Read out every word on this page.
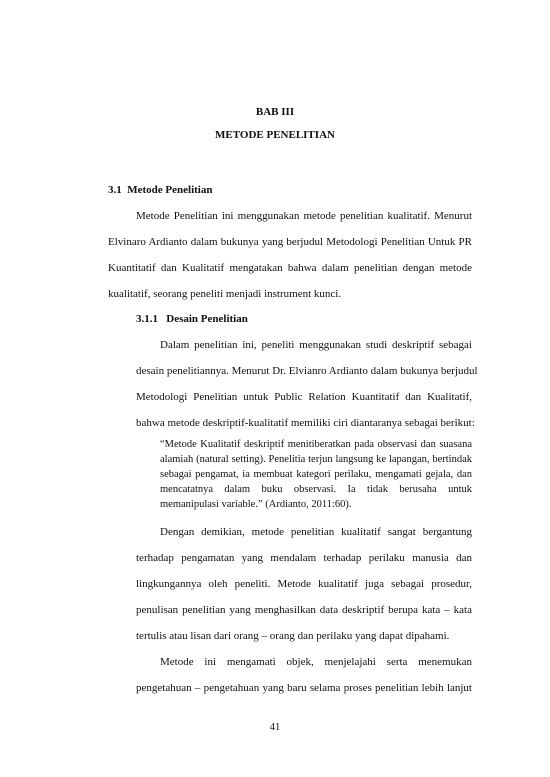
BAB III
METODE PENELITIAN
3.1 Metode Penelitian
Metode Penelitian ini menggunakan metode penelitian kualitatif. Menurut
Elvinaro Ardianto dalam bukunya yang berjudul Metodologi Penelitian Untuk PR
Kuantitatif dan Kualitatif mengatakan bahwa dalam penelitian dengan metode
kualitatif, seorang peneliti menjadi instrument kunci.
3.1.1 Desain Penelitian
Dalam penelitian ini, peneliti menggunakan studi deskriptif sebagai
desain penelitiannya. Menurut Dr. Elvianro Ardianto dalam bukunya berjudul
Metodologi Penelitian untuk Public Relation Kuantitatif dan Kualitatif,
bahwa metode deskriptif-kualitatif memiliki ciri diantaranya sebagai berikut:
“Metode Kualitatif deskriptif menitiberatkan pada observasi dan suasana alamiah (natural setting). Penelitia terjun langsung ke lapangan, bertindak sebagai pengamat, ia membuat kategori perilaku, mengamati gejala, dan mencatatnya dalam buku observasi. Ia tidak berusaha untuk memanipulasi variable.” (Ardianto, 2011:60).
Dengan demikian, metode penelitian kualitatif sangat bergantung
terhadap pengamatan yang mendalam terhadap perilaku manusia dan
lingkungannya oleh peneliti. Metode kualitatif juga sebagai prosedur,
penulisan penelitian yang menghasilkan data deskriptif berupa kata – kata
tertulis atau lisan dari orang – orang dan perilaku yang dapat dipahami.
Metode ini mengamati objek, menjelajahi serta menemukan
pengetahuan – pengetahuan yang baru selama proses penelitian lebih lanjut
41
